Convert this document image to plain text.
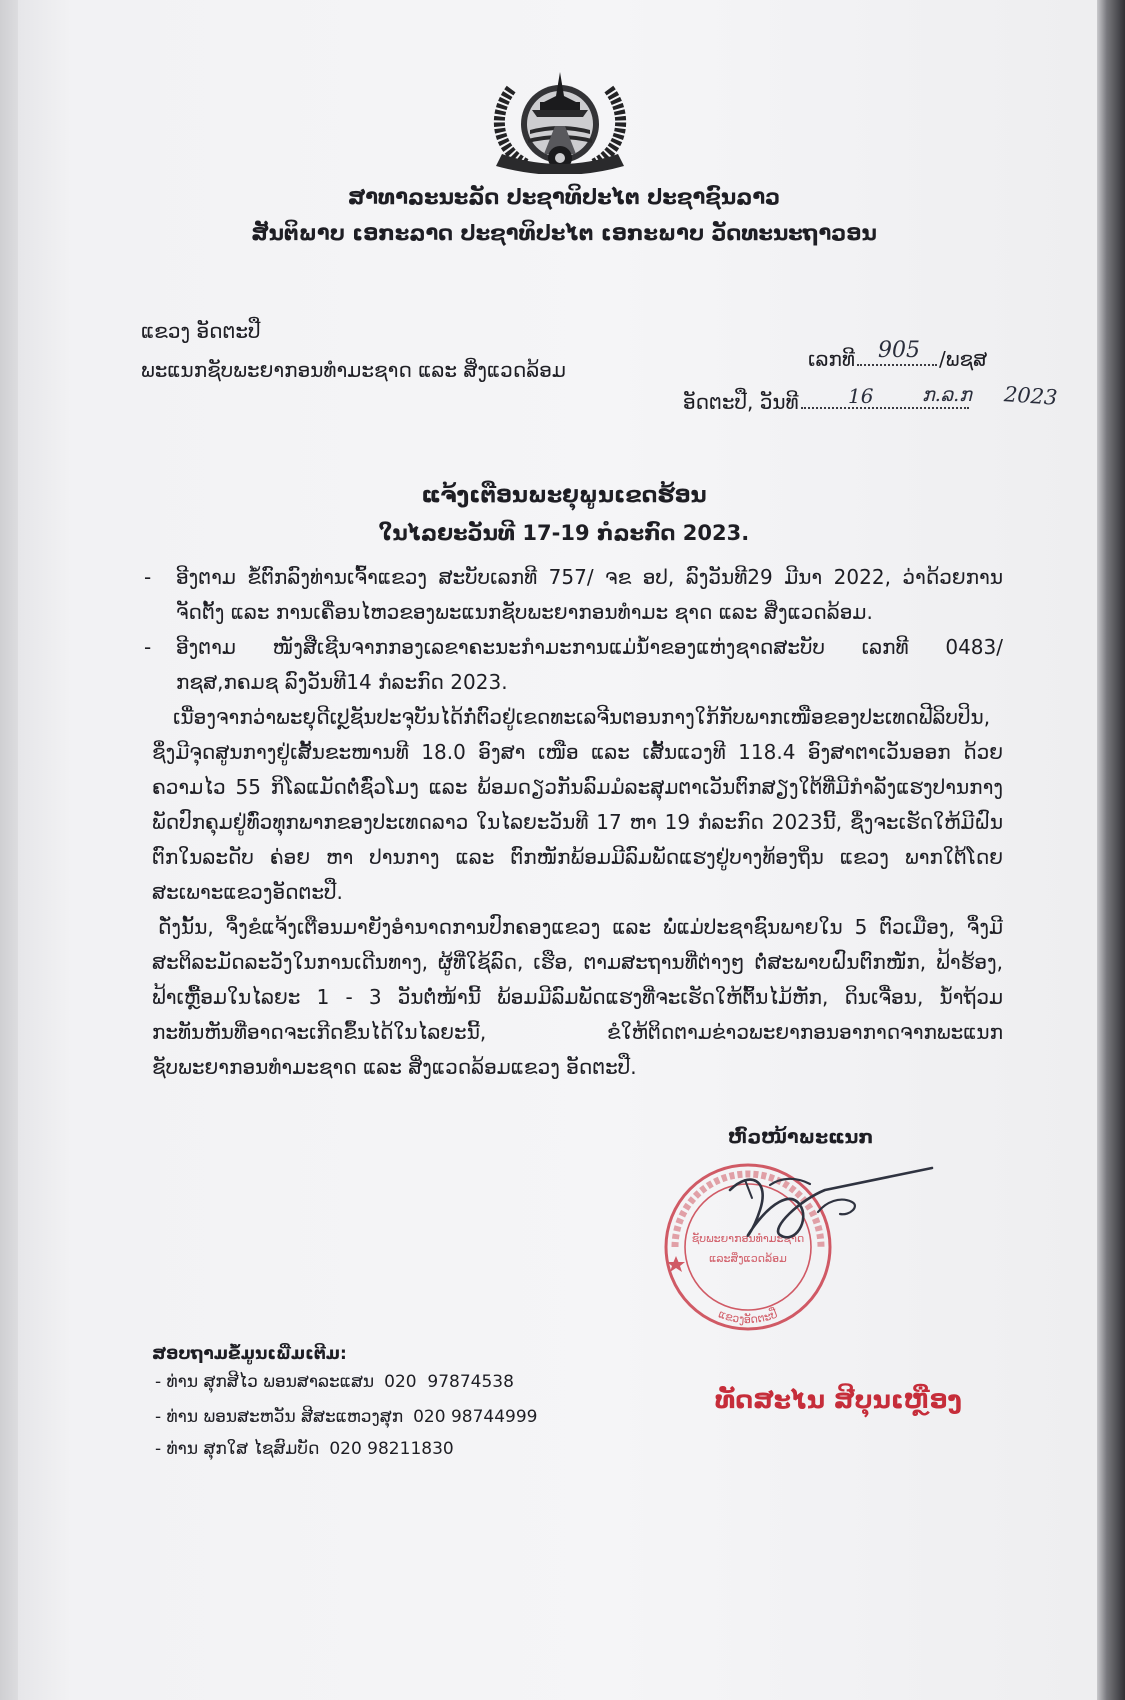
ສາທາລະນະລັດ ປະຊາທິປະໄຕ ປະຊາຊົນລາວ
ສັນຕິພາບ ເອກະລາດ ປະຊາທິປະໄຕ ເອກະພາບ ວັດທະນະຖາວອນ
ແຂວງ ອັດຕະປື
ພະແນກຊັບພະຍາກອນທຳມະຊາດ ແລະ ສິ່ງແວດລ້ອມ	ເລກທີ	/ພຊສ
905
ອັດຕະປື, ວັນທີ	16	ກ.ລ.ກ 2023
ແຈ້ງເຕືອນພະຍຸພູນເຂດຮ້ອນ
ໃນໄລຍະວັນທີ 17-19 ກໍລະກົດ 2023.
-	ອີງຕາມ ຂໍ້ຕົກລົງທ່ານເຈົ້າແຂວງ ສະບັບເລກທີ 757/ ຈຂ ອປ, ລົງວັນທີ29 ມີນາ 2022, ວ່າດ້ວຍການຈັດຕັ້ງ ແລະ ການເຄື່ອນໄຫວຂອງພະແນກຊັບພະຍາກອນທຳມະ ຊາດ ແລະ ສິ່ງແວດລ້ອມ.
-	ອີງຕາມ ໜັງສືເຊີນຈາກກອງເລຂາຄະນະກຳມະການແມ່ນ້ຳຂອງແຫ່ງຊາດສະບັບ ເລກທີ 0483/ກຊສ,ກຄມຊ ລົງວັນທີ14 ກໍລະກົດ 2023.
ເນື່ອງຈາກວ່າພະຍຸດີເປຼຊັນປະຈຸບັນໄດ້ກໍ່ຕົວຢູ່ເຂດທະເລຈີນຕອນກາງໃກ້ກັບພາກເໜືອຂອງປະເທດຟີລິບປິນ, ຊຶ່ງມີຈຸດສູນກາງຢູ່ເສັ້ນຂະໜານທີ 18.0 ອົງສາ ເໜືອ ແລະ ເສັ້ນແວງທີ 118.4 ອົງສາຕາເວັນອອກ ດ້ວຍຄວາມໄວ 55 ກິໂລແມັດຕໍ່ຊົ່ວໂມງ ແລະ ພ້ອມດຽວກັນລົມມໍລະສຸມຕາເວັນຕົກສຽງໃຕ້ທີ່ມີກຳລັງແຮງປານກາງພັດປົກຄຸມຢູ່ທົ່ວທຸກພາກຂອງປະເທດລາວ ໃນໄລຍະວັນທີ 17 ຫາ 19 ກໍລະກົດ 2023ນີ້, ຊຶ່ງຈະເຮັດໃຫ້ມີຝົນຕົກໃນລະດັບ ຄ່ອຍ ຫາ ປານກາງ ແລະ ຕົກໜັກພ້ອມມີລົມພັດແຮງຢູ່ບາງທ້ອງຖິ່ນ ແຂວງ ພາກໃຕ້ໂດຍສະເພາະແຂວງອັດຕະປື.
ດັ່ງນັ້ນ, ຈຶ່ງຂໍແຈ້ງເຕືອນມາຍັງອຳນາດການປົກຄອງແຂວງ ແລະ ພໍ່ແມ່ປະຊາຊົນພາຍໃນ 5 ຕົວເມືອງ, ຈຶ່ງມີສະຕິລະມັດລະວັງໃນການເດີນທາງ, ຜູ້ທີ່ໃຊ້ລົດ, ເຮືອ, ຕາມສະຖານທີ່ຕ່າງໆ ຕໍ່ສະພາບຝົນຕົກໜັກ, ຟ້າຮ້ອງ, ຟ້າເຫຼື້ອມໃນໄລຍະ 1 - 3 ວັນຕໍ່ໜ້ານີ້ ພ້ອມມີລົມພັດແຮງທີ່ຈະເຮັດໃຫ້ຕົ້ນໄມ້ຫັກ, ດິນເຈື່ອນ, ນ້ຳຖ້ວມກະທັນຫັນທີ່ອາດຈະເກີດຂຶ້ນໄດ້ໃນໄລຍະນີ້, ຂໍໃຫ້ຕິດຕາມຂ່າວພະຍາກອນອາກາດຈາກພະແນກຊັບພະຍາກອນທຳມະຊາດ ແລະ ສິ່ງແວດລ້ອມແຂວງ ອັດຕະປື.
ຫົວໜ້າພະແນກ
ຊັບພະຍາກອນທຳມະຊາດ
ແລະສິ່ງແວດລ້ອມ
ແຂວງອັດຕະປື
ທັດສະໄນ ສີບຸນເຫຼືອງ
ສອບຖາມຂໍ້ມູນເພີ່ມເຕີມ:
- ທ່ານ ສຸກສີໄວ ພອນສາລະແສນ 020  97874538
- ທ່ານ ພອນສະຫວັນ ສີສະແຫວງສຸກ 020 98744999
- ທ່ານ ສຸກໃສ ໄຊສົມບັດ 020 98211830
